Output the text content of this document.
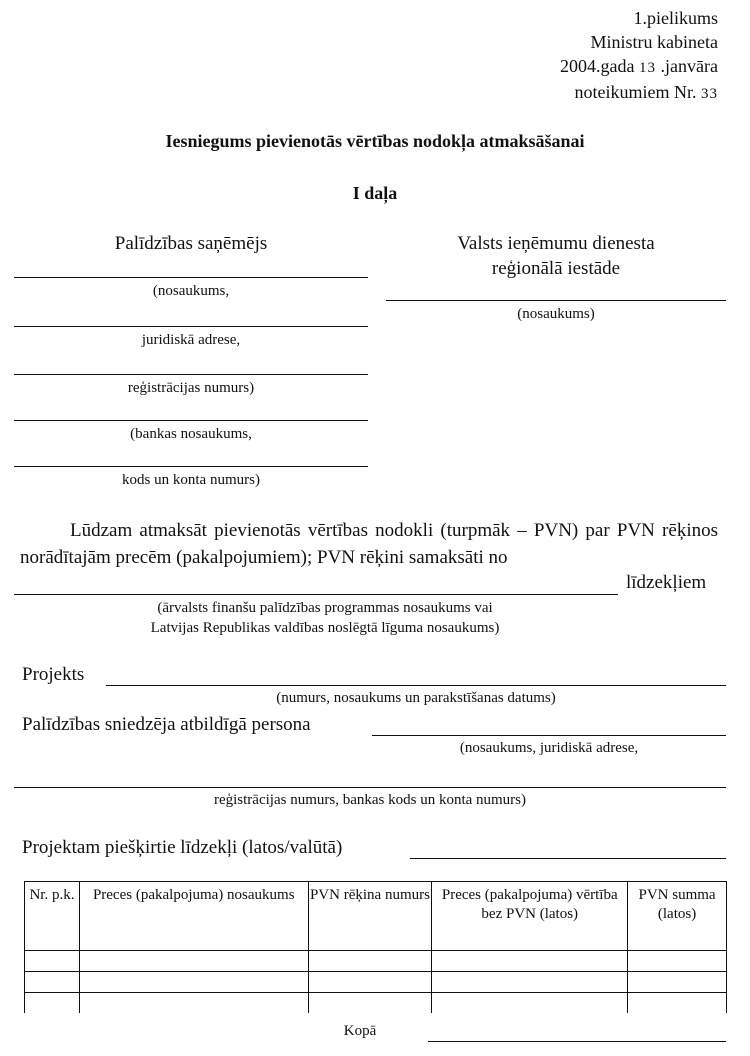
1.pielikums
Ministru kabineta
2004.gada 13 .janvāra
noteikumiem Nr. 33
Iesniegums pievienotās vērtības nodokļa atmaksāšanai
I daļa
Palīdzības saņēmējs
(nosaukums,
juridiskā adrese,
reģistrācijas numurs)
(bankas nosaukums,
kods un konta numurs)
Valsts ieņēmumu dienesta
reģionālā iestāde
(nosaukums)
Lūdzam atmaksāt pievienotās vērtības nodokli (turpmāk – PVN) par PVN rēķinos norādītajām precēm (pakalpojumiem); PVN rēķini samaksāti no
līdzekļiem
(ārvalsts finanšu palīdzības programmas nosaukums vai
Latvijas Republikas valdības noslēgtā līguma nosaukums)
Projekts
(numurs, nosaukums un parakstīšanas datums)
Palīdzības sniedzēja atbildīgā persona
(nosaukums, juridiskā adrese,
reģistrācijas numurs, bankas kods un konta numurs)
Projektam piešķirtie līdzekļi (latos/valūtā)
Nr. p.k.	Preces (pakalpojuma) nosaukums	PVN rēķina numurs	Preces (pakalpojuma) vērtība bez PVN (latos)	PVN summa (latos)

Kopā
